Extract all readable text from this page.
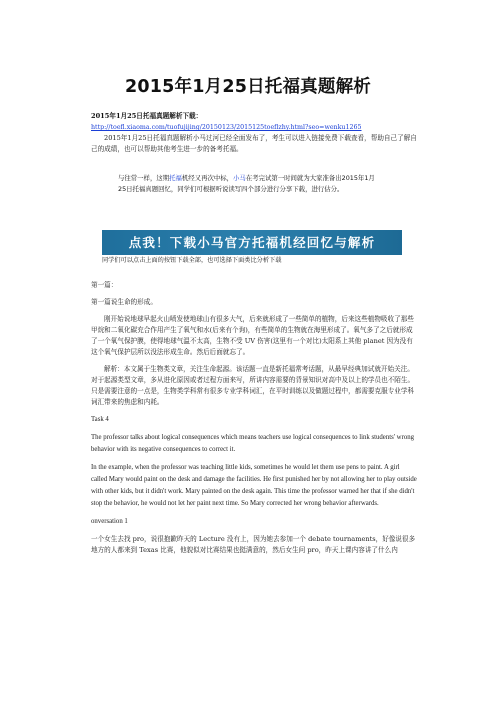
2015年1月25日托福真题解析
2015年1月25日托福真题解析下载：
http://toefl.xiaoma.com/tuofujijing/20150123/2015125toeflzhy.html?seo=wenku1265
2015年1月25日托福真题解析小马过河已经全面发布了，考生可以进入链接免费下载查看，帮助自己了解自己的成绩，也可以帮助其他考生进一步的备考托福。
与往常一样，这期托福机经又再次中标，小马在考完试第一时间就为大家准备出2015年1月
25日托福真题回忆，同学们可根据听说读写四个部分进行分享下载，进行估分。
点我！下载小马官方托福机经回忆与解析
同学们可以点击上面的按钮下载全部，也可选择下面类比分析下载
第一篇：
第一篇说生命的形成。
刚开始说地球早起火山喷发使地球山有很多大气，后来就形成了一些简单的植物，后来这些植物吸收了那些甲烷和二氧化碳充合作用产生了氧气和水(后来有个询)，有些简单的生物就在海里形成了。氧气多了之后就形成了一个氧气保护膜，使得地球气温不太高，生物不受 UV 伤害(这里有一个对比)太阳系上其他 planet 因为没有这个氧气保护层所以没法形成生命。然后后面就忘了。
解析：本文属于生物类文章，关注生命起源。该话题一直是新托福常考话题，从最早经典加试就开始关注。对于起源类型文章，多从进化原因或者过程方面来写，所讲内容需要的背景知识对高中及以上的学员也不陌生。只是需要注意的一点是，生物类学科常有很多专业学科词汇，在平时训练以及做题过程中，都需要克服专业学科词汇带来的焦虑和内耗。
Task 4
The professor talks about logical consequences which means teachers use logical consequences to link students' wrong behavior with its negative consequences to correct it.
In the example, when the professor was teaching little kids, sometimes he would let them use pens to paint. A girl called Mary would paint on the desk and damage the facilities. He first punished her by not allowing her to play outside with other kids, but it didn't work. Mary painted on the desk again. This time the professor warned her that if she didn't stop the behavior, he would not let her paint next time. So Mary corrected her wrong behavior afterwards.
onversation 1
一个女生去找 pro，说很抱歉昨天的 Lecture 没有上，因为她去参加一个 debate tournaments，好像说很多地方的人都来到 Texas 比赛，他貌似对比赛结果也挺满意的，然后女生问 pro，昨天上课内容讲了什么内
